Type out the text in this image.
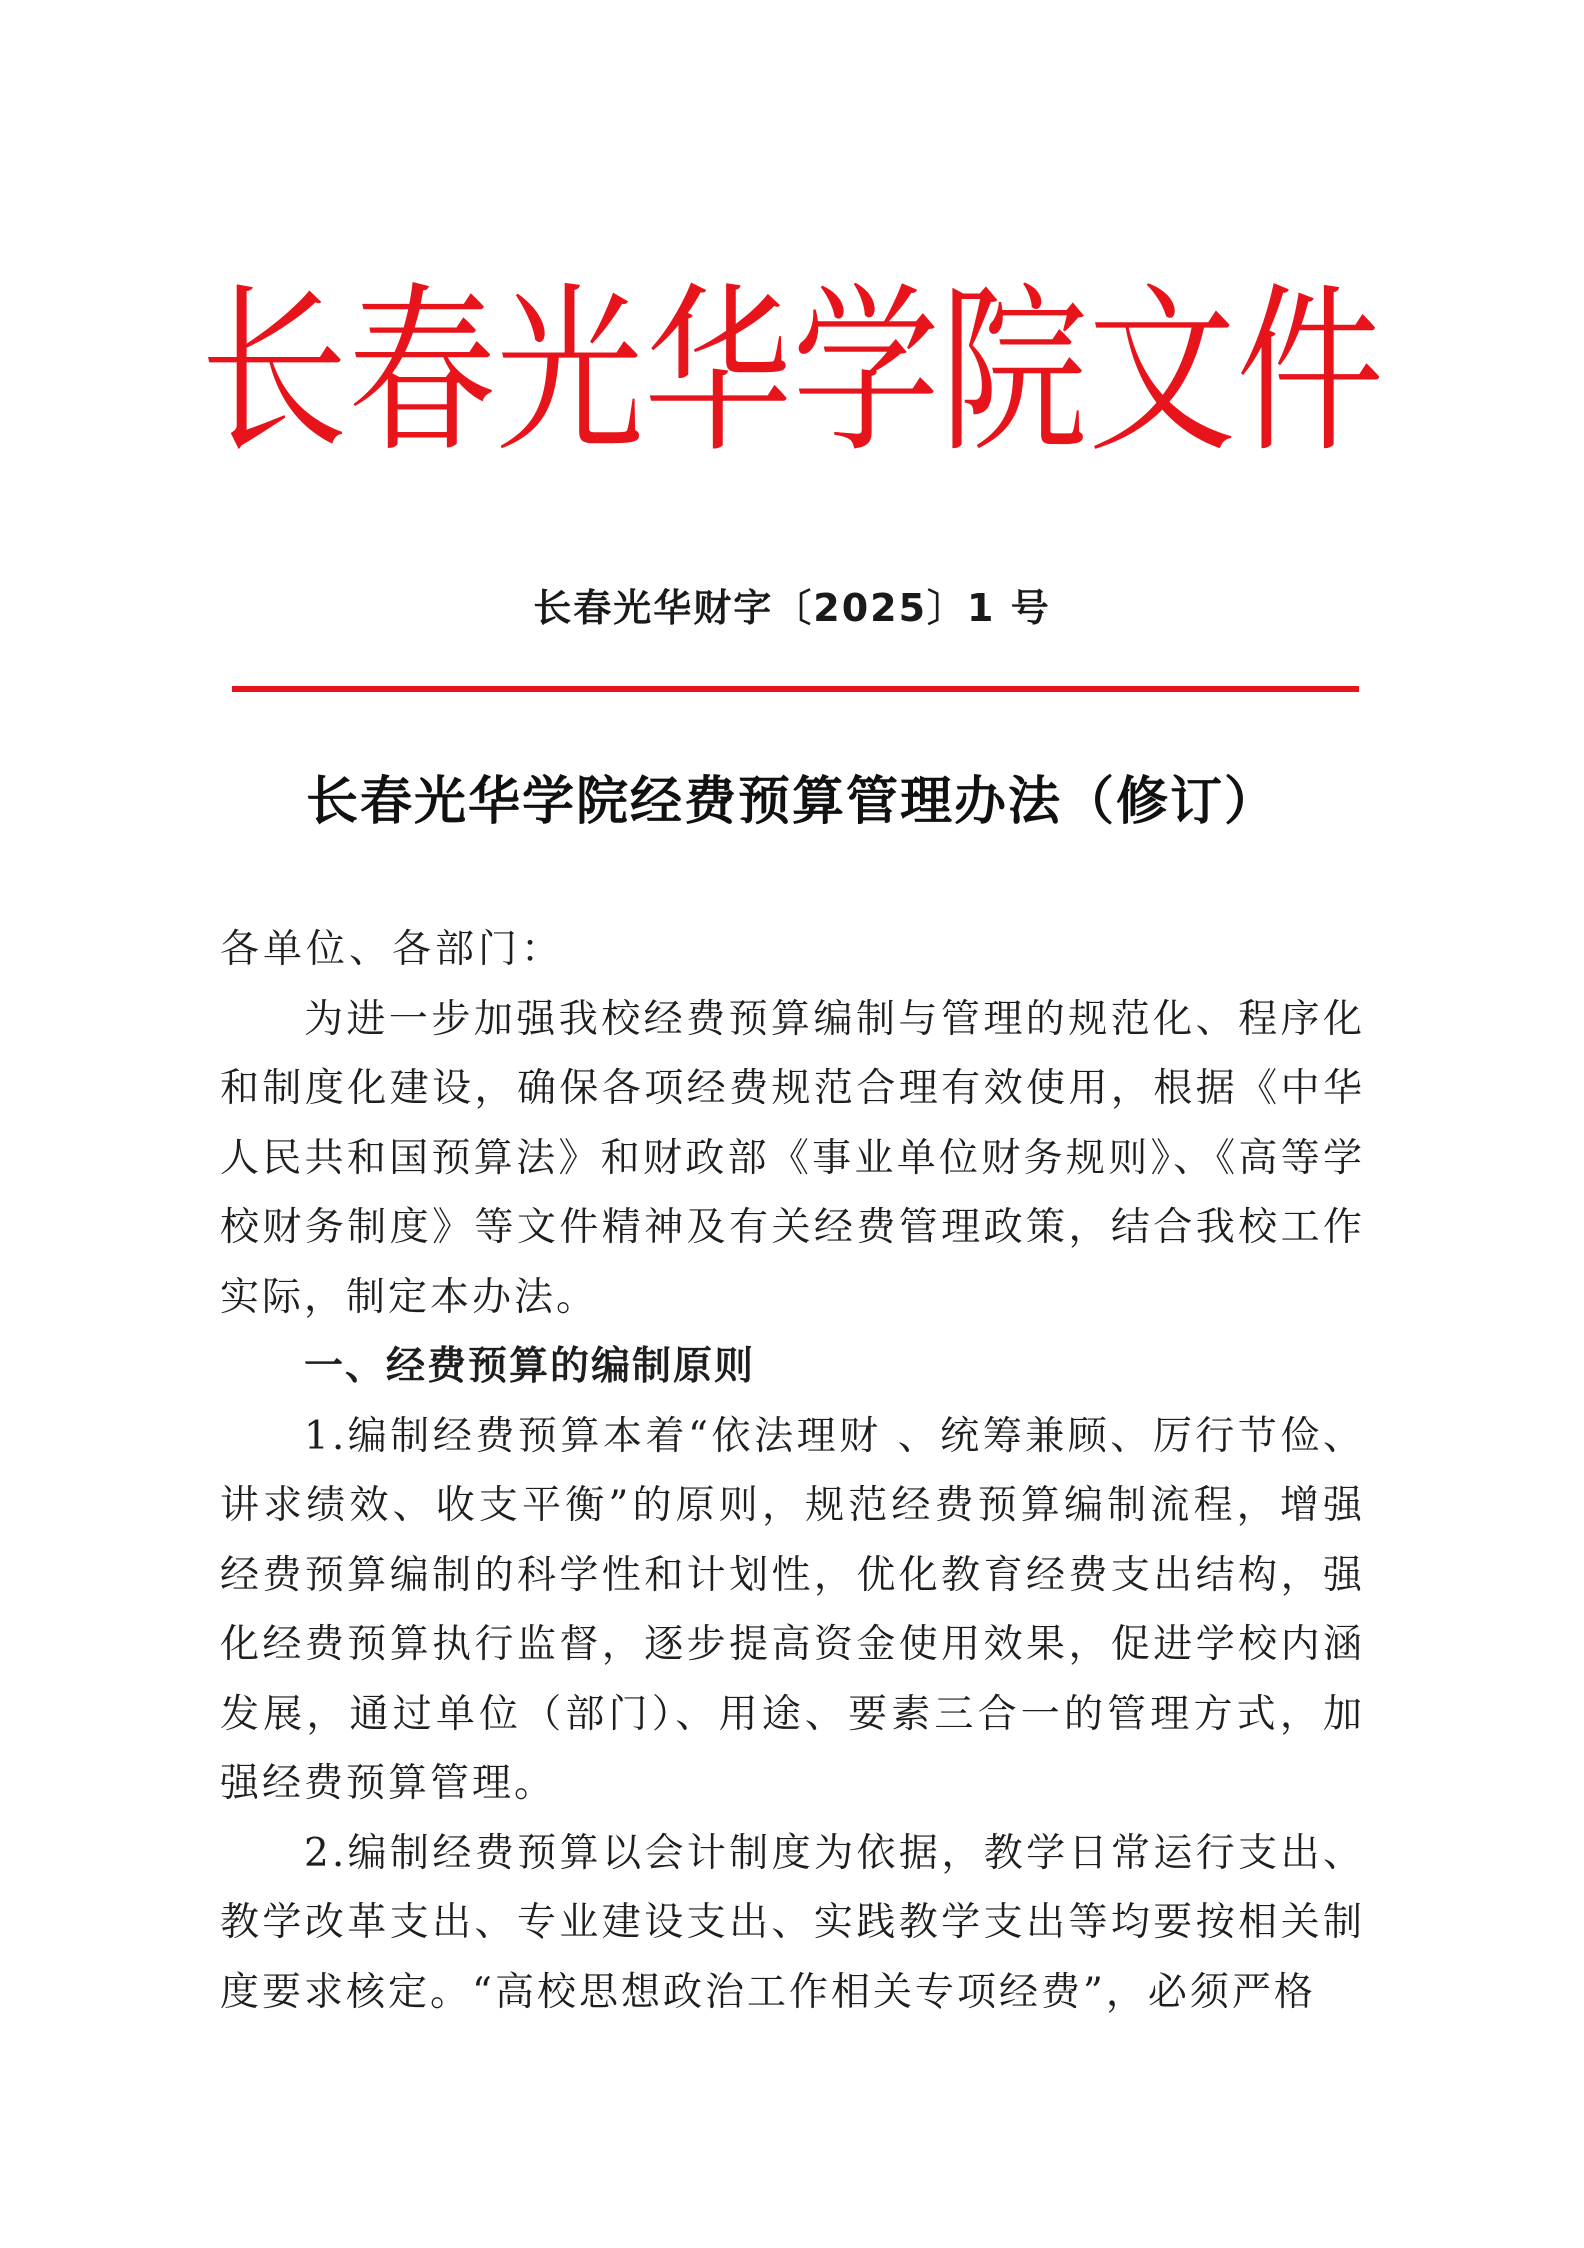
长春光华学院文件
长春光华财字〔2025〕1 号
长春光华学院经费预算管理办法（修订）

各单位、各部门：

为进一步加强我校经费预算编制与管理的规范化、程序化和制度化建设，确保各项经费规范合理有效使用，根据《中华人民共和国预算法》和财政部《事业单位财务规则》、《高等学校财务制度》等文件精神及有关经费管理政策，结合我校工作实际，制定本办法。

一、经费预算的编制原则

1.编制经费预算本着“依法理财 、统筹兼顾、厉行节俭、讲求绩效、收支平衡”的原则，规范经费预算编制流程，增强经费预算编制的科学性和计划性，优化教育经费支出结构，强化经费预算执行监督，逐步提高资金使用效果，促进学校内涵发展，通过单位（部门）、用途、要素三合一的管理方式，加强经费预算管理。

2.编制经费预算以会计制度为依据，教学日常运行支出、教学改革支出、专业建设支出、实践教学支出等均要按相关制度要求核定。“高校思想政治工作相关专项经费”，必须严格
